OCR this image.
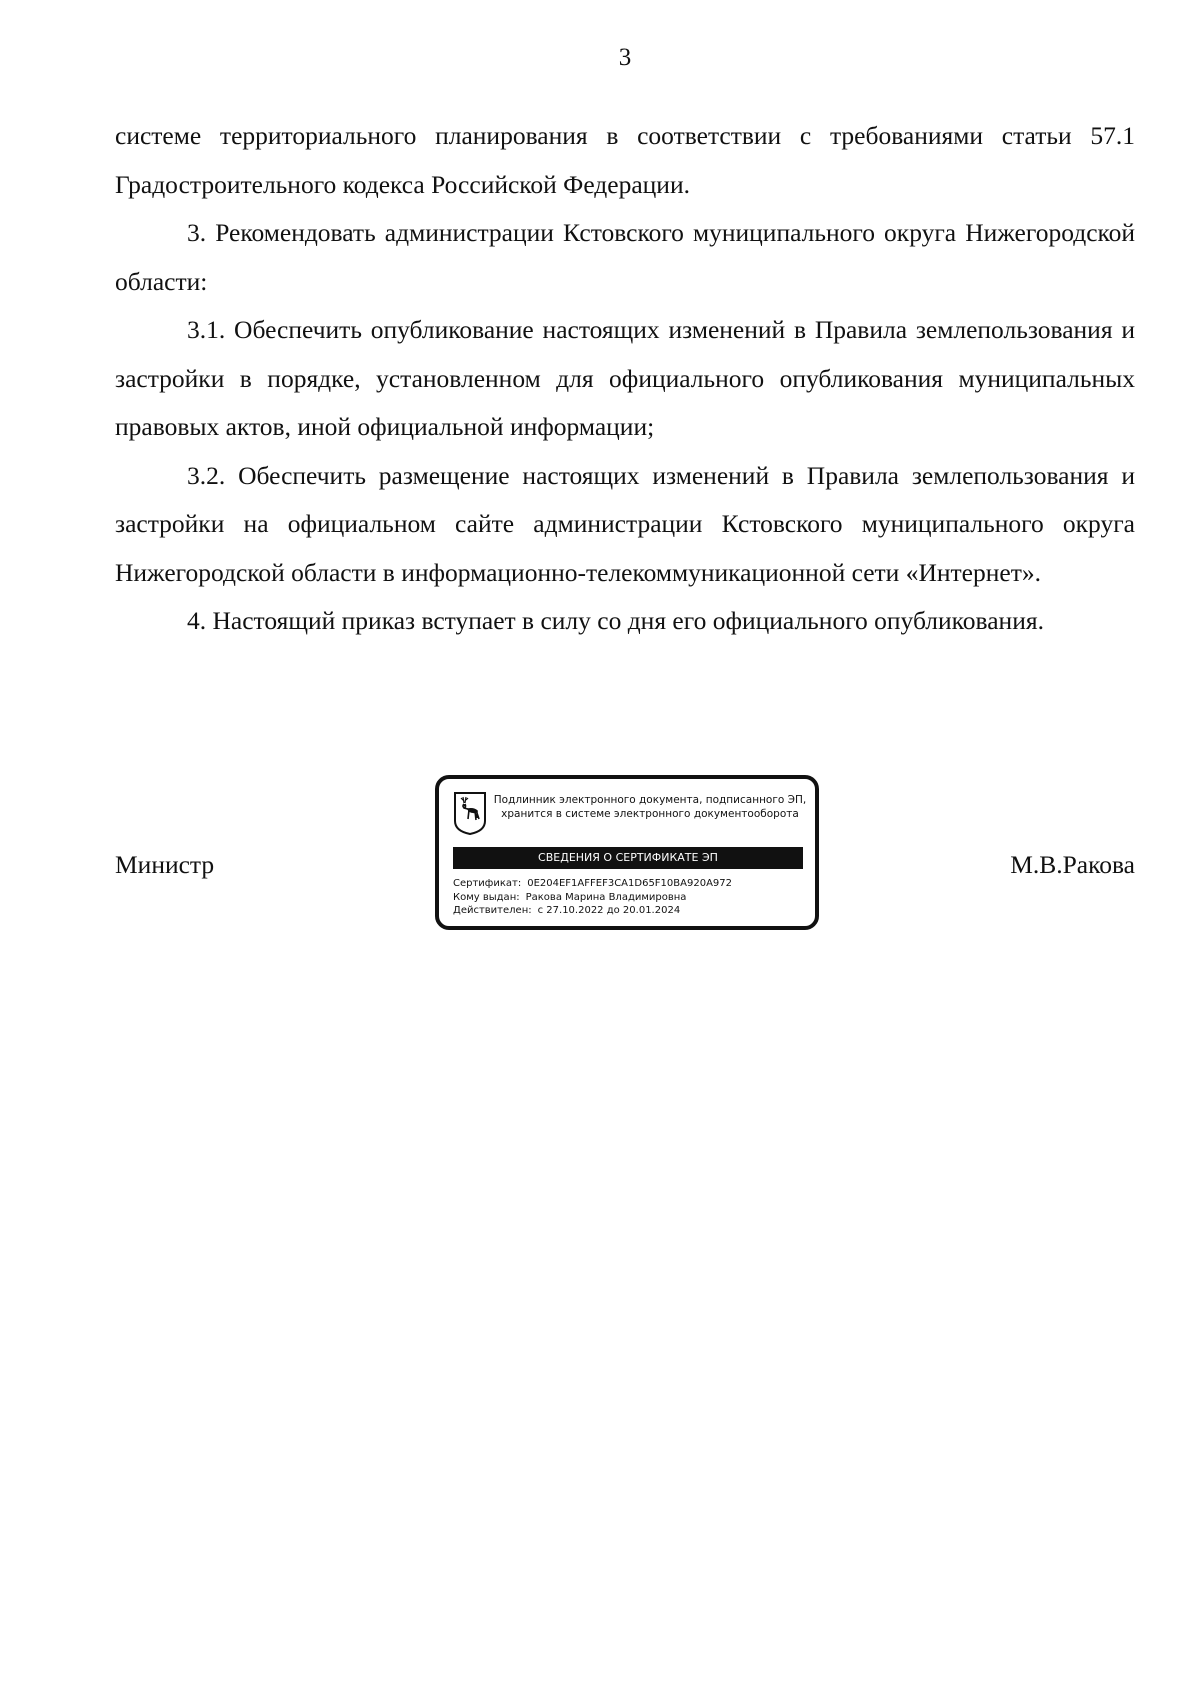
3

системе территориального планирования в соответствии с требованиями статьи 57.1 Градостроительного кодекса Российской Федерации.

3. Рекомендовать администрации Кстовского муниципального округа Нижегородской области:

3.1. Обеспечить опубликование настоящих изменений в Правила землепользования и застройки в порядке, установленном для официального опубликования муниципальных правовых актов, иной официальной информации;

3.2. Обеспечить размещение настоящих изменений в Правила землепользования и застройки на официальном сайте администрации Кстовского муниципального округа Нижегородской области в информационно-телекоммуникационной сети «Интернет».

4. Настоящий приказ вступает в силу со дня его официального опубликования.

Министр
Подлинник электронного документа, подписанного ЭП,
хранится в системе электронного документооборота
СВЕДЕНИЯ О СЕРТИФИКАТЕ ЭП
Сертификат: 0E204EF1AFFEF3CA1D65F10BA920A972
Кому выдан: Ракова Марина Владимировна
Действителен: с 27.10.2022 до 20.01.2024
М.В.Ракова
